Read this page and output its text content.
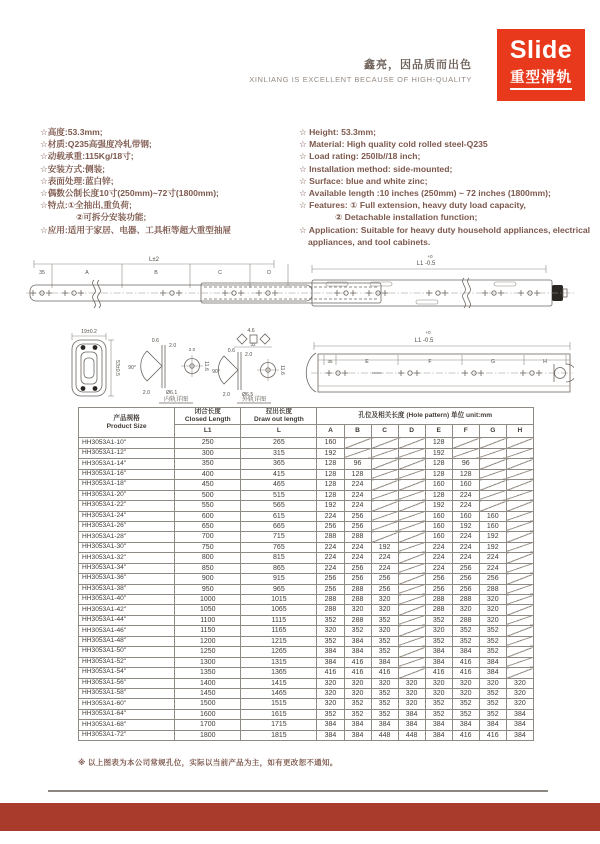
鑫亮，因品质而出色
XINLIANG IS EXCELLENT BECAUSE OF HIGH-QUALITY
Slide
重型滑轨
☆高度:53.3mm;
☆材质:Q235高强度冷轧带钢;
☆动载承重:115Kg/18寸;
☆安装方式:侧装;
☆表面处理:蓝白锌;
☆偶数公制长度10寸(250mm)~72寸(1800mm);
☆特点:①全抽出,重负荷;
②可拆分安装功能;
☆应用:适用于家居、电器、工具柜等超大重型抽屉
☆ Height: 53.3mm;
☆ Material: High quality cold rolled steel-Q235
☆ Load rating: 250lb//18 inch;
☆ Installation method: side-mounted;
☆ Surface: blue and white zinc;
☆ Available length :10 inches (250mm) ~ 72 inches (1800mm);
☆ Features: ① Full extension, heavy duty load capacity,
② Detachable installation function;
☆ Application: Suitable for heavy duty household appliances, electrical
appliances, and tool cabinets.
L±2
35	A	B	C	D
+0
L1 -0.5
19±0.2
53±0.5
0.6
2.0
90°
2.0	Ø6.1
2.0
11.6
内轨详图
4.6
32
0.6
2.0
90°
2.0 Ø6.5
11.6
外轨详图
+0
L1 -0.5
35	E	F	G	H
产品规格
Product Size

闭合长度
Closed Length

拉出长度
Draw out length
	孔位及相关长度 (Hole pattern) 单位 unit:mm
	L1	L	A	B	C	D	E	F	G	H
HH3053A1-10"	250	265	160				128			
HH3053A1-12"	300	315	192				192			
HH3053A1-14"	350	365	128	96			128	96		
HH3053A1-16"	400	415	128	128			128	128		
HH3053A1-18"	450	465	128	224			160	160		
HH3053A1-20"	500	515	128	224			128	224		
HH3053A1-22"	550	565	192	224			192	224		
HH3053A1-24"	600	615	224	256			160	160	160	
HH3053A1-26"	650	665	256	256			160	192	160	
HH3053A1-28"	700	715	288	288			160	224	192	
HH3053A1-30"	750	765	224	224	192		224	224	192	
HH3053A1-32"	800	815	224	224	224		224	224	224	
HH3053A1-34"	850	865	224	256	224		224	256	224	
HH3053A1-36"	900	915	256	256	256		256	256	256	
HH3053A1-38"	950	965	256	288	256		256	256	288	
HH3053A1-40"	1000	1015	288	288	320		288	288	320	
HH3053A1-42"	1050	1065	288	320	320		288	320	320	
HH3053A1-44"	1100	1115	352	288	352		352	288	320	
HH3053A1-46"	1150	1165	320	352	320		320	352	352	
HH3053A1-48"	1200	1215	352	384	352		352	352	352	
HH3053A1-50"	1250	1265	384	384	352		384	384	352	
HH3053A1-52"	1300	1315	384	416	384		384	416	384	
HH3053A1-54"	1350	1365	416	416	416		416	416	384	
HH3053A1-56"	1400	1415	320	320	320	320	320	320	320	320
HH3053A1-58"	1450	1465	320	320	352	320	320	320	352	320
HH3053A1-60"	1500	1515	320	352	352	320	352	352	352	320
HH3053A1-64"	1600	1615	352	352	352	384	352	352	352	384
HH3053A1-68"	1700	1715	384	384	384	384	384	384	384	384
HH3053A1-72"	1800	1815	384	384	448	448	384	416	416	384
※ 以上图表为本公司常规孔位，实际以当前产品为主，如有更改恕不通知。
